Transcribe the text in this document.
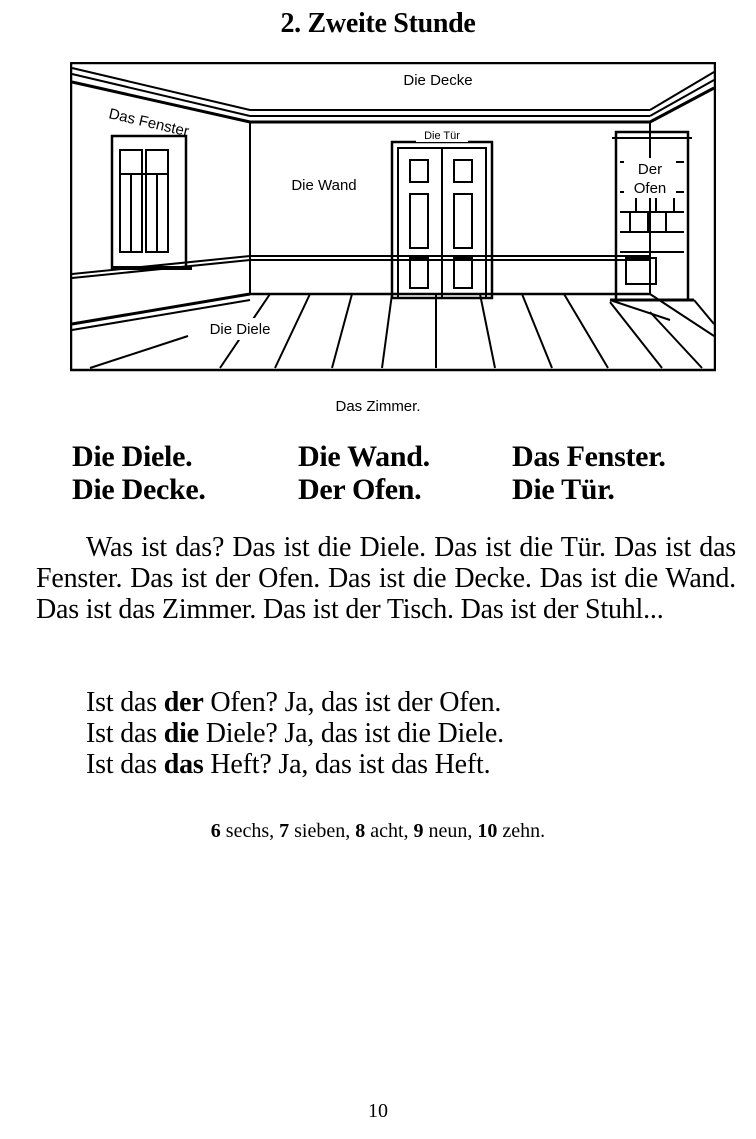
2. Zweite Stunde
Die Decke
Das Fenster	Die Tür
Die Wand
Der
Ofen
Die Diele
Das Zimmer.
Die Diele.	Die Wand.	Das Fenster.
Die Decke.	Der Ofen.	Die Tür.
Was ist das? Das ist die Diele. Das ist die Tür. Das ist das Fenster. Das ist der Ofen. Das ist die Decke. Das ist die Wand. Das ist das Zimmer. Das ist der Tisch. Das ist der Stuhl...
Ist das der Ofen? Ja, das ist der Ofen.
Ist das die Diele? Ja, das ist die Diele.
Ist das das Heft? Ja, das ist das Heft.
6 sechs, 7 sieben, 8 acht, 9 neun, 10 zehn.
10
